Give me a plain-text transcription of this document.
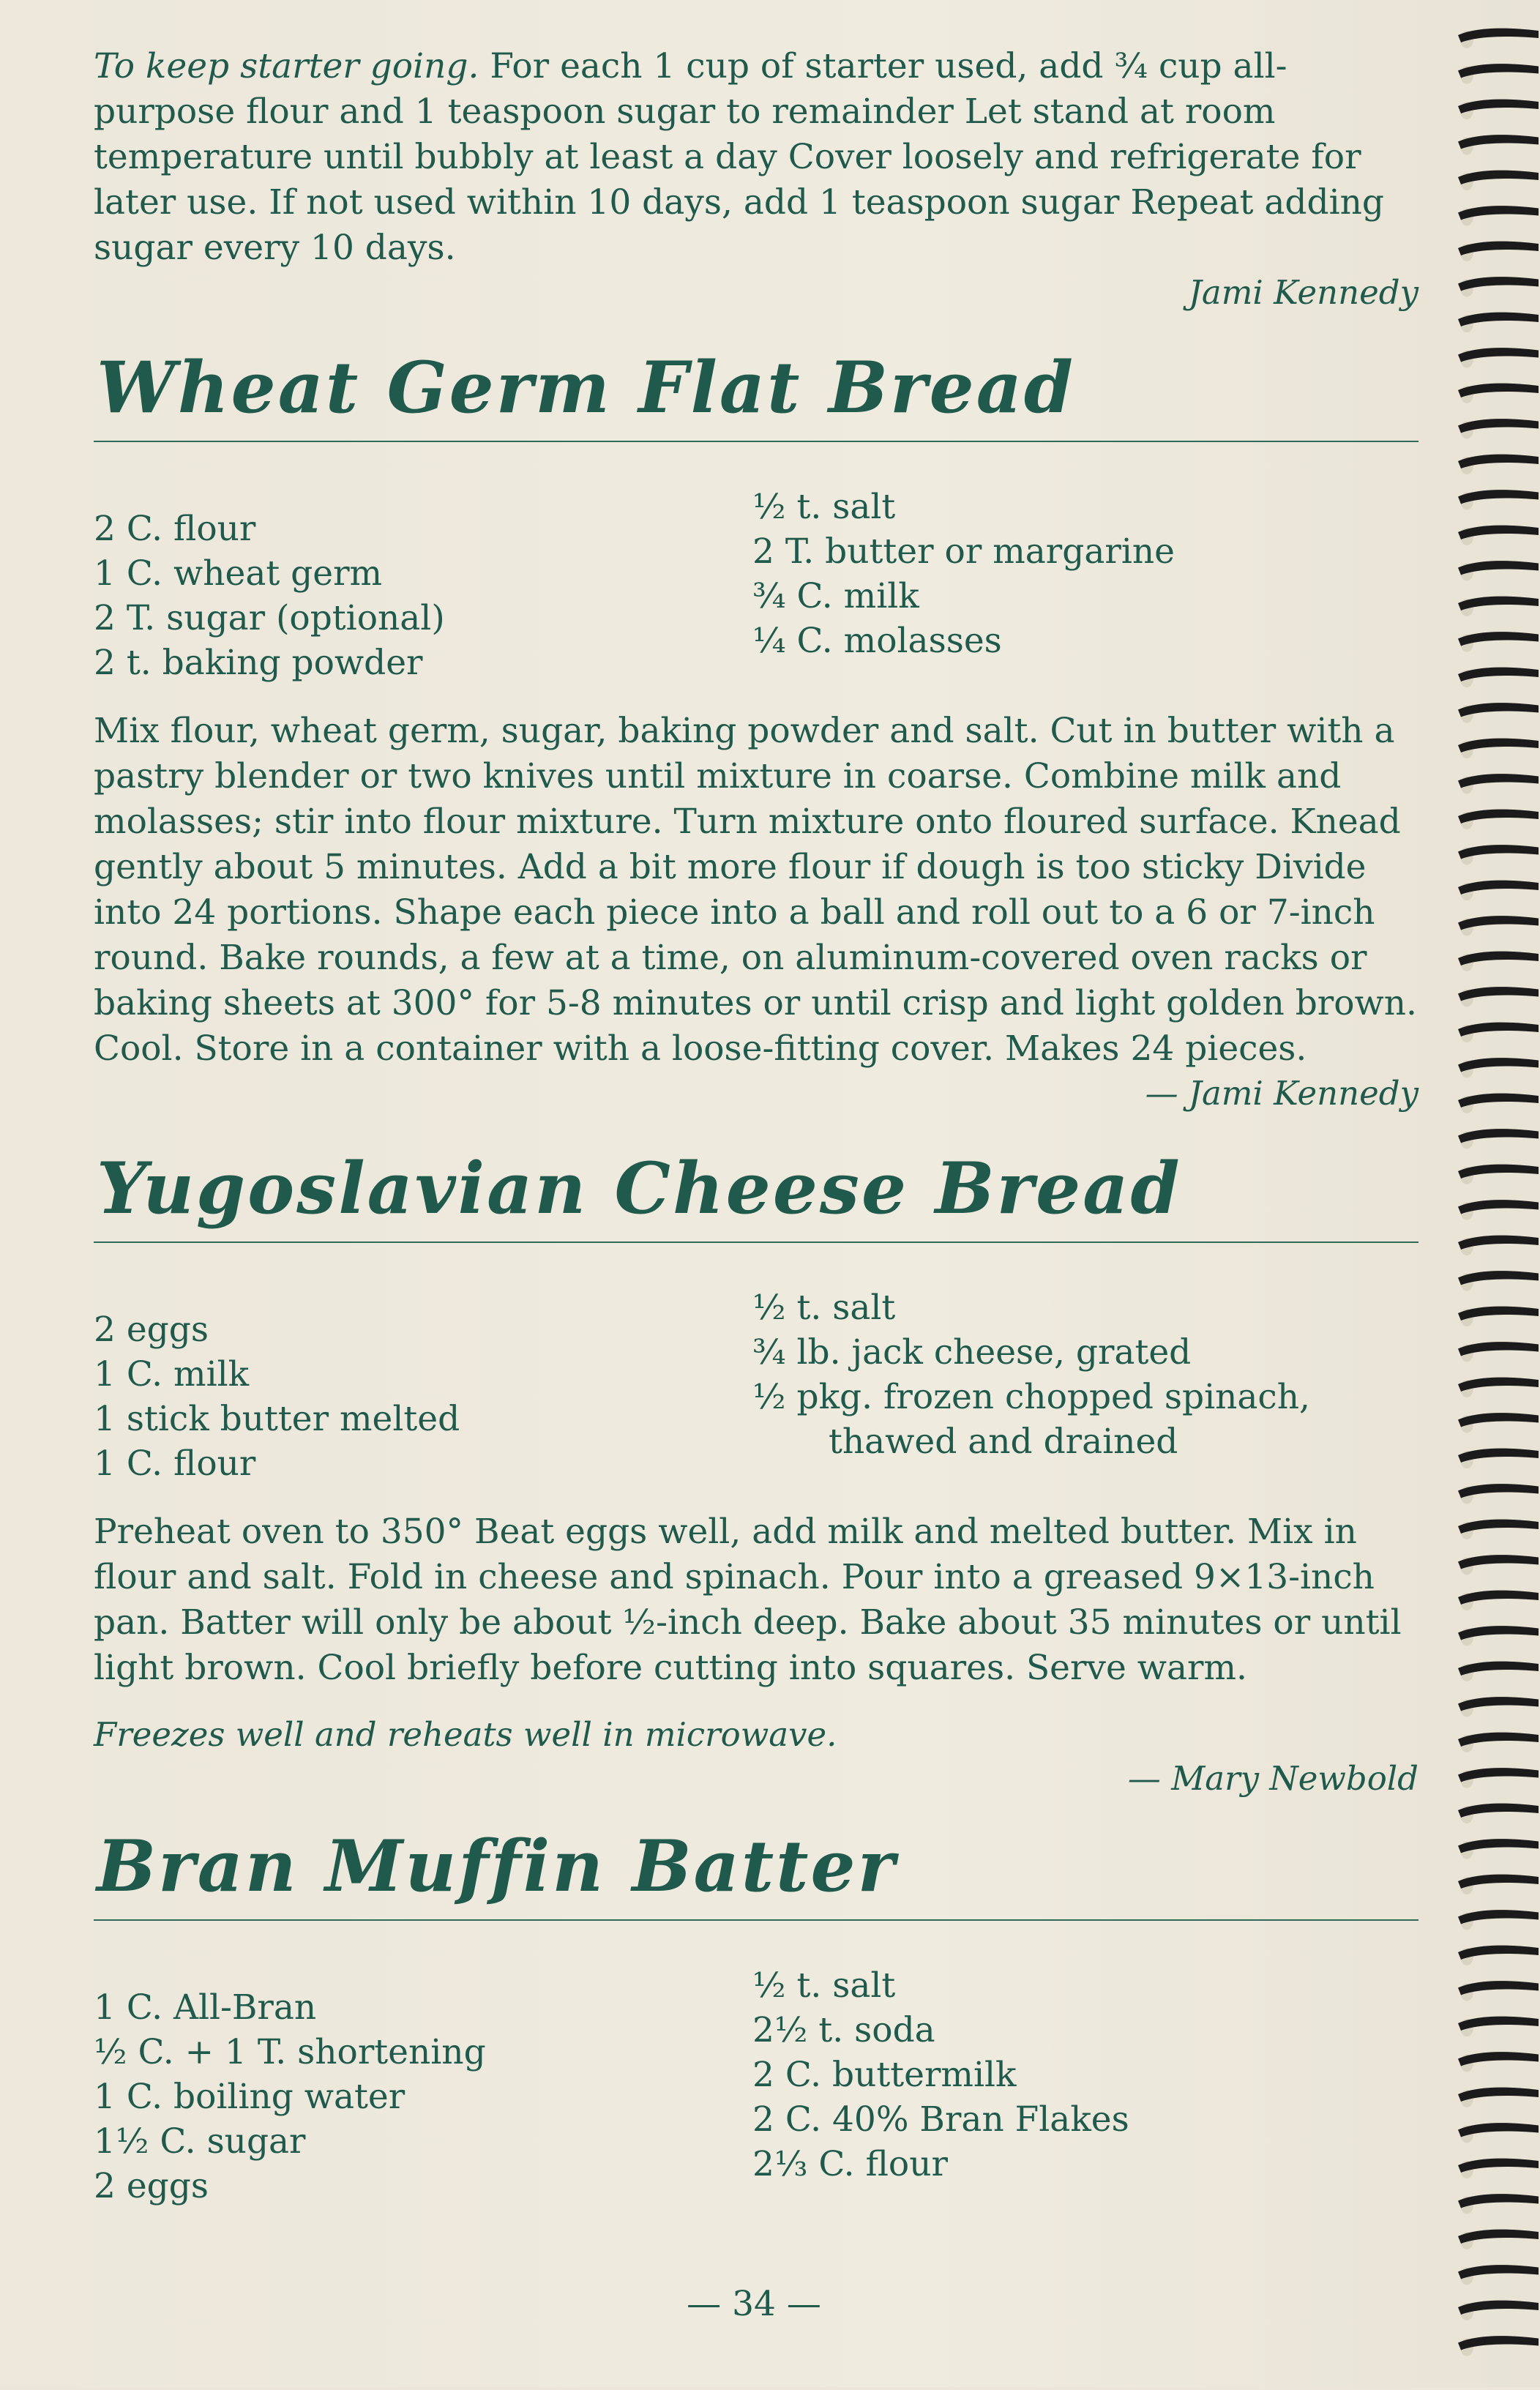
To keep starter going. For each 1 cup of starter used, add ¾ cup all-purpose flour and 1 teaspoon sugar to remainder Let stand at room temperature until bubbly at least a day Cover loosely and refrigerate for later use. If not used within 10 days, add 1 teaspoon sugar Repeat adding sugar every 10 days.

Jami Kennedy

Wheat Germ Flat Bread
2 C. flour
1 C. wheat germ
2 T. sugar (optional)
2 t. baking powder
½ t. salt
2 T. butter or margarine
¾ C. milk
¼ C. molasses

Mix flour, wheat germ, sugar, baking powder and salt. Cut in butter with a pastry blender or two knives until mixture in coarse. Combine milk and molasses; stir into flour mixture. Turn mixture onto floured surface. Knead gently about 5 minutes. Add a bit more flour if dough is too sticky Divide into 24 portions. Shape each piece into a ball and roll out to a 6 or 7-inch round. Bake rounds, a few at a time, on aluminum-covered oven racks or baking sheets at 300° for 5-8 minutes or until crisp and light golden brown. Cool. Store in a container with a loose-fitting cover. Makes 24 pieces.

— Jami Kennedy

Yugoslavian Cheese Bread
2 eggs
1 C. milk
1 stick butter melted
1 C. flour
½ t. salt
¾ lb. jack cheese, grated
½ pkg. frozen chopped spinach,
thawed and drained

Preheat oven to 350° Beat eggs well, add milk and melted butter. Mix in flour and salt. Fold in cheese and spinach. Pour into a greased 9×13-inch pan. Batter will only be about ½-inch deep. Bake about 35 minutes or until light brown. Cool briefly before cutting into squares. Serve warm.

Freezes well and reheats well in microwave.

— Mary Newbold

Bran Muffin Batter
1 C. All-Bran
½ C. + 1 T. shortening
1 C. boiling water
1½ C. sugar
2 eggs
½ t. salt
2½ t. soda
2 C. buttermilk
2 C. 40% Bran Flakes
2⅓ C. flour
— 34 —
